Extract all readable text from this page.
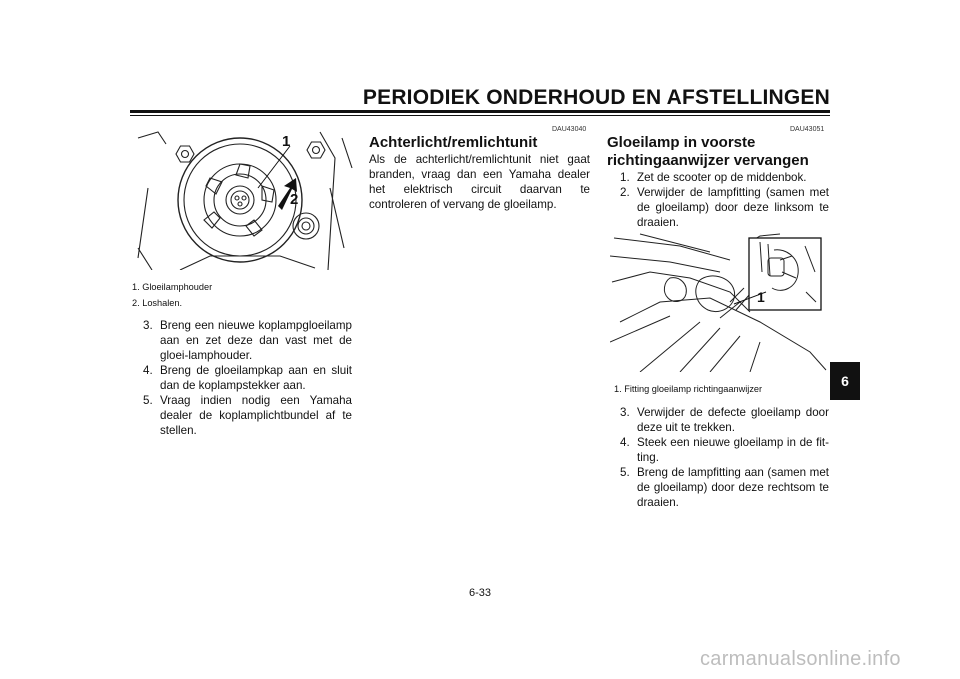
PERIODIEK ONDERHOUD EN AFSTELLINGEN
1
2
1. Gloeilamphouder
2. Loshalen.
3. Breng een nieuwe koplampgloeilamp aan en zet deze dan vast met de gloei-lamphouder.
4. Breng de gloeilampkap aan en sluit dan de koplampstekker aan.
5. Vraag indien nodig een Yamaha dealer de koplamplichtbundel af te stellen.
DAU43040
Achterlicht/remlichtunit
Als de achterlicht/remlichtunit niet gaat branden, vraag dan een Yamaha dealer het elektrisch circuit daarvan te controleren of vervang de gloeilamp.
DAU43051
Gloeilamp in voorste
richtingaanwijzer vervangen
1. Zet de scooter op de middenbok.
2. Verwijder de lampfitting (samen met de gloeilamp) door deze linksom te draaien.
1
1. Fitting gloeilamp richtingaanwijzer
3. Verwijder de defecte gloeilamp door deze uit te trekken.
4. Steek een nieuwe gloeilamp in de fit-ting.
5. Breng de lampfitting aan (samen met de gloeilamp) door deze rechtsom te draaien.
6
6-33
carmanualsonline.info
